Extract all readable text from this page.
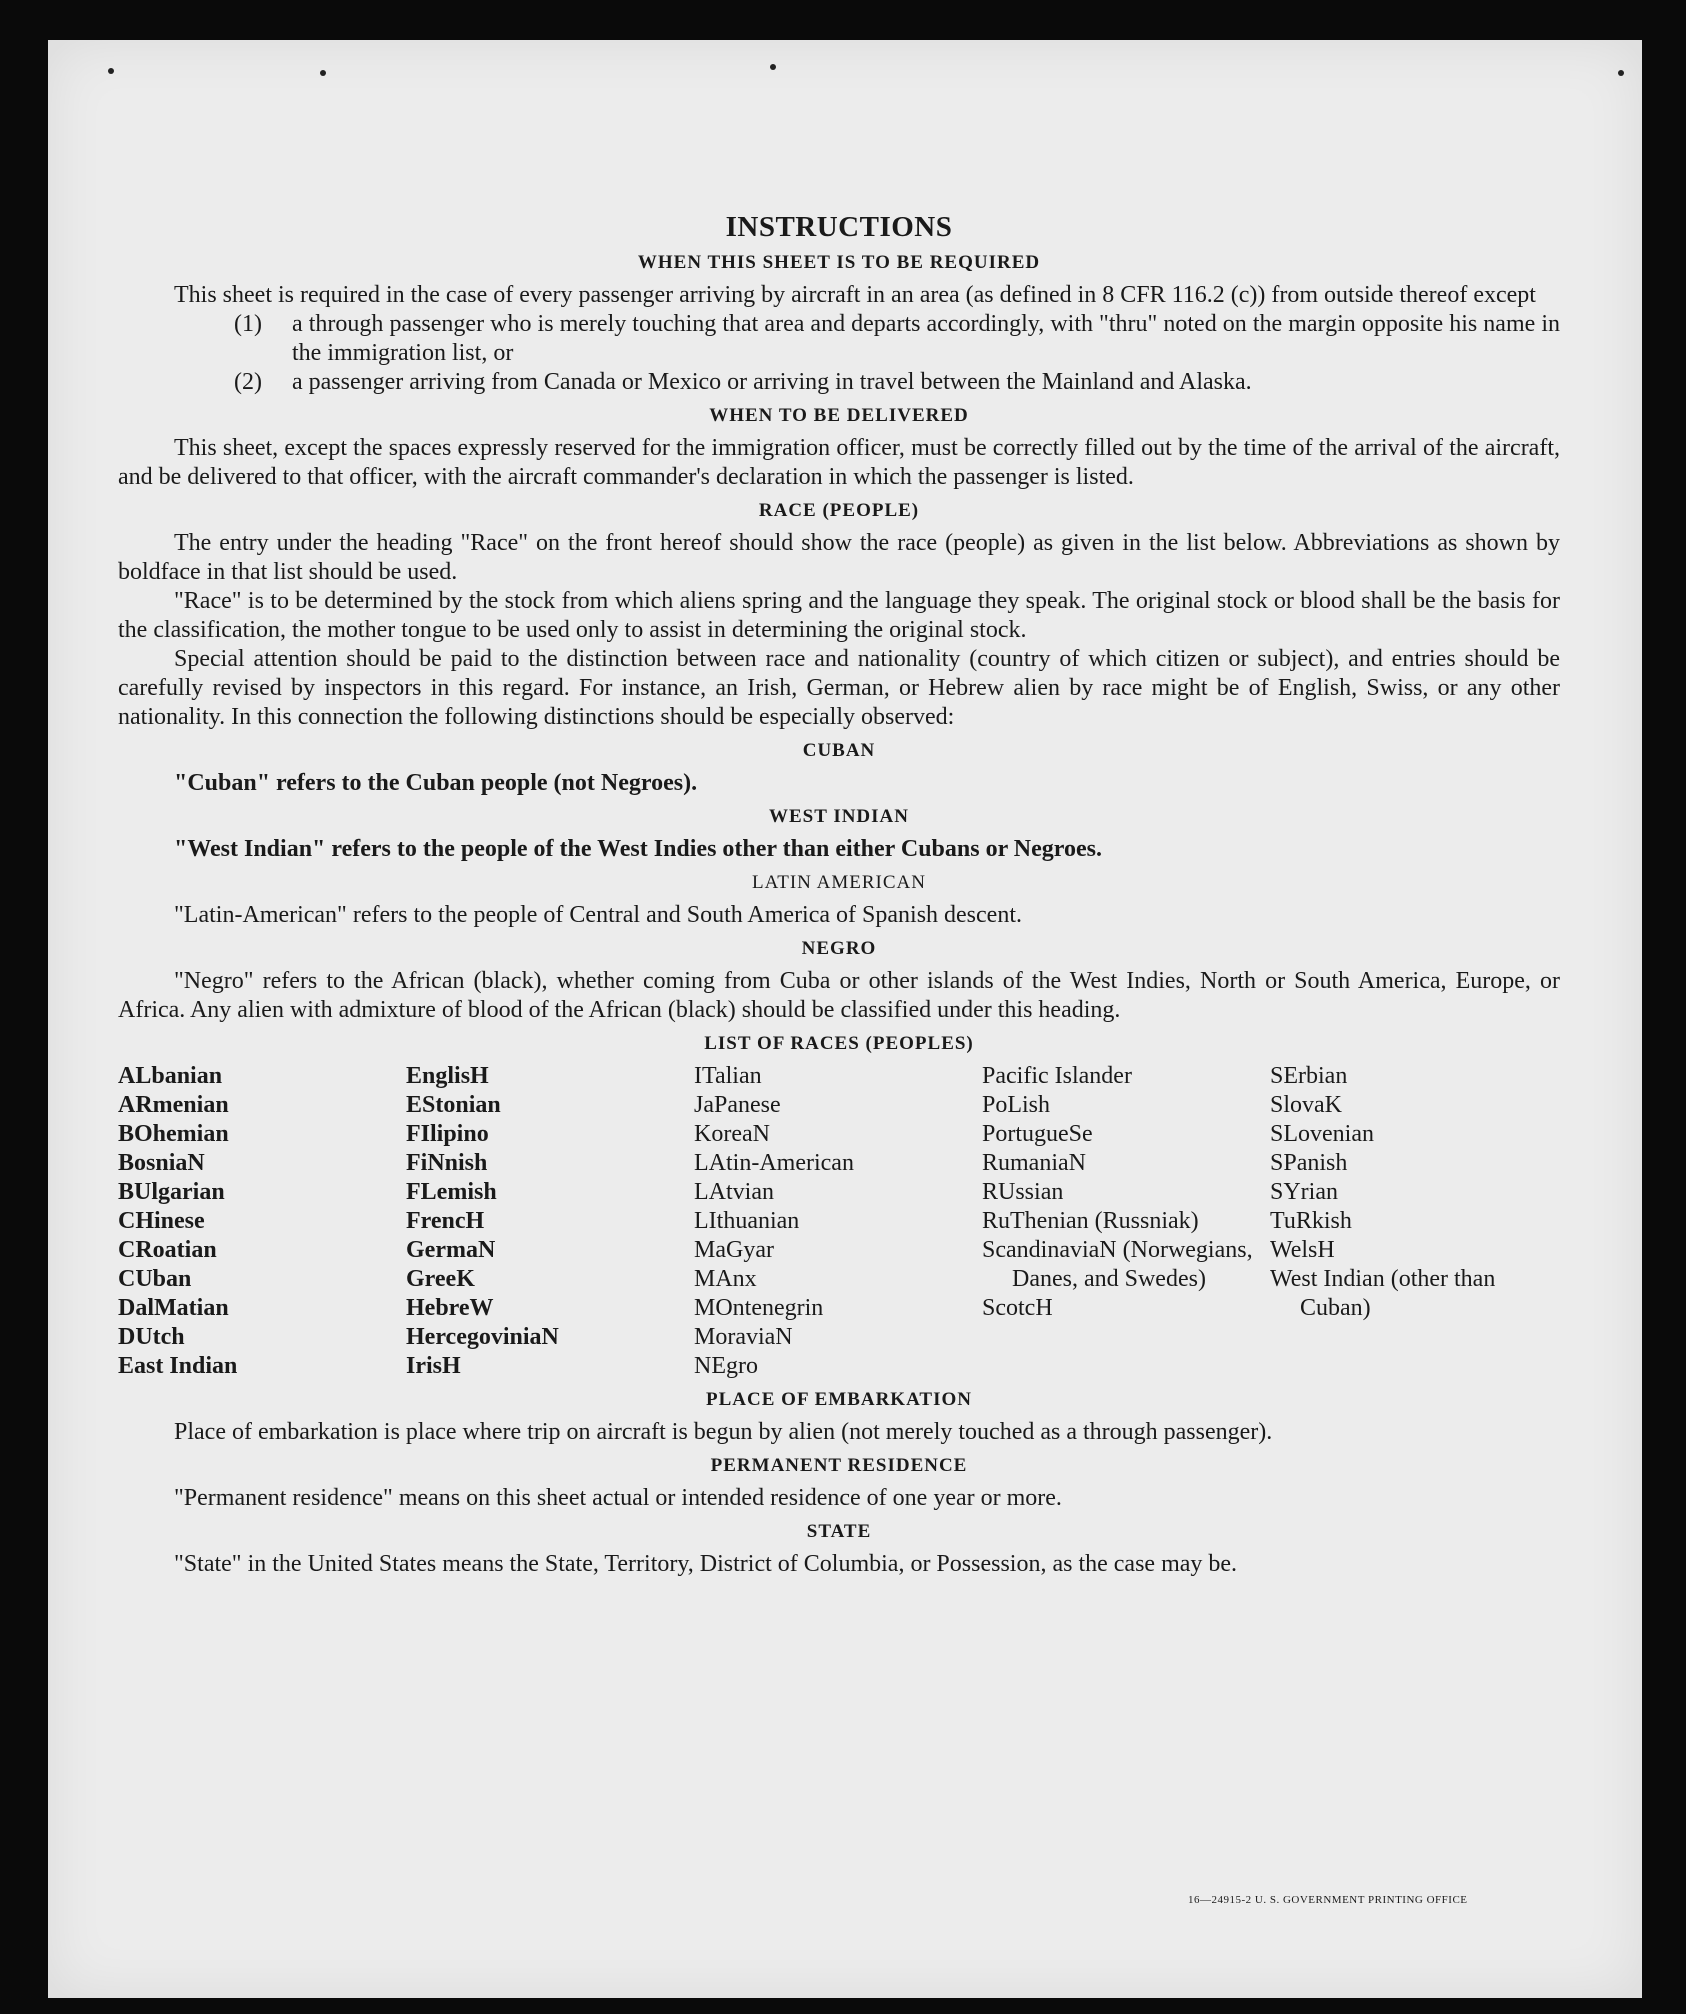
INSTRUCTIONS
WHEN THIS SHEET IS TO BE REQUIRED

This sheet is required in the case of every passenger arriving by aircraft in an area (as defined in 8 CFR 116.2 (c)) from outside thereof except

(1)	a through passenger who is merely touching that area and departs accordingly, with "thru" noted on the margin opposite his name in the immigration list, or
(2)	a passenger arriving from Canada or Mexico or arriving in travel between the Mainland and Alaska.
WHEN TO BE DELIVERED

This sheet, except the spaces expressly reserved for the immigration officer, must be correctly filled out by the time of the arrival of the aircraft, and be delivered to that officer, with the aircraft commander's declaration in which the passenger is listed.

RACE (PEOPLE)

The entry under the heading "Race" on the front hereof should show the race (people) as given in the list below. Abbreviations as shown by boldface in that list should be used.

"Race" is to be determined by the stock from which aliens spring and the language they speak. The original stock or blood shall be the basis for the classification, the mother tongue to be used only to assist in determining the original stock.

Special attention should be paid to the distinction between race and nationality (country of which citizen or subject), and entries should be carefully revised by inspectors in this regard. For instance, an Irish, German, or Hebrew alien by race might be of English, Swiss, or any other nationality. In this connection the following distinctions should be especially observed:

CUBAN

"Cuban" refers to the Cuban people (not Negroes).

WEST INDIAN

"West Indian" refers to the people of the West Indies other than either Cubans or Negroes.

LATIN AMERICAN

"Latin-American" refers to the people of Central and South America of Spanish descent.

NEGRO

"Negro" refers to the African (black), whether coming from Cuba or other islands of the West Indies, North or South America, Europe, or Africa. Any alien with admixture of blood of the African (black) should be classified under this heading.

LIST OF RACES (PEOPLES)
ALbanian
ARmenian
BOhemian
BosniaN
BUlgarian
CHinese
CRoatian
CUban
DalMatian
DUtch
East Indian
EnglisH
EStonian
FIlipino
FiNnish
FLemish
FrencH
GermaN
GreeK
HebreW
HercegoviniaN
IrisH
ITalian
JaPanese
KoreaN
LAtin-American
LAtvian
LIthuanian
MaGyar
MAnx
MOntenegrin
MoraviaN
NEgro
Pacific Islander
PoLish
PortugueSe
RumaniaN
RUssian
RuThenian (Russniak)
ScandinaviaN (Norwegians, Danes, and Swedes)
ScotcH
SErbian
SlovaK
SLovenian
SPanish
SYrian
TuRkish
WelsH
West Indian (other than Cuban)
PLACE OF EMBARKATION

Place of embarkation is place where trip on aircraft is begun by alien (not merely touched as a through passenger).

PERMANENT RESIDENCE

"Permanent residence" means on this sheet actual or intended residence of one year or more.

STATE

"State" in the United States means the State, Territory, District of Columbia, or Possession, as the case may be.

16—24915-2 U. S. GOVERNMENT PRINTING OFFICE
